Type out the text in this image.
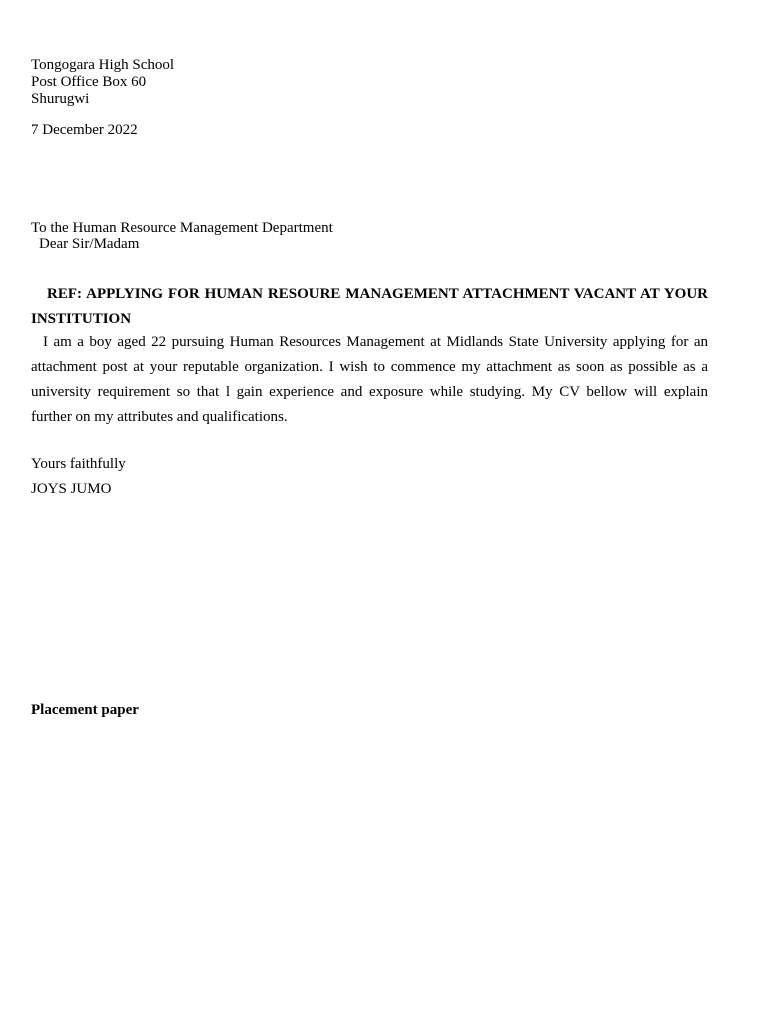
Tongogara High School
Post Office Box 60
Shurugwi
7 December 2022
To the Human Resource Management Department
Dear Sir/Madam
REF: APPLYING FOR HUMAN RESOURE MANAGEMENT ATTACHMENT VACANT AT YOUR INSTITUTION
I am a boy aged 22 pursuing Human Resources Management at Midlands State University applying for an attachment post at your reputable organization. I wish to commence my attachment as soon as possible as a university requirement so that l gain experience and exposure while studying. My CV bellow will explain further on my attributes and qualifications.
Yours faithfully
JOYS JUMO
Placement paper
